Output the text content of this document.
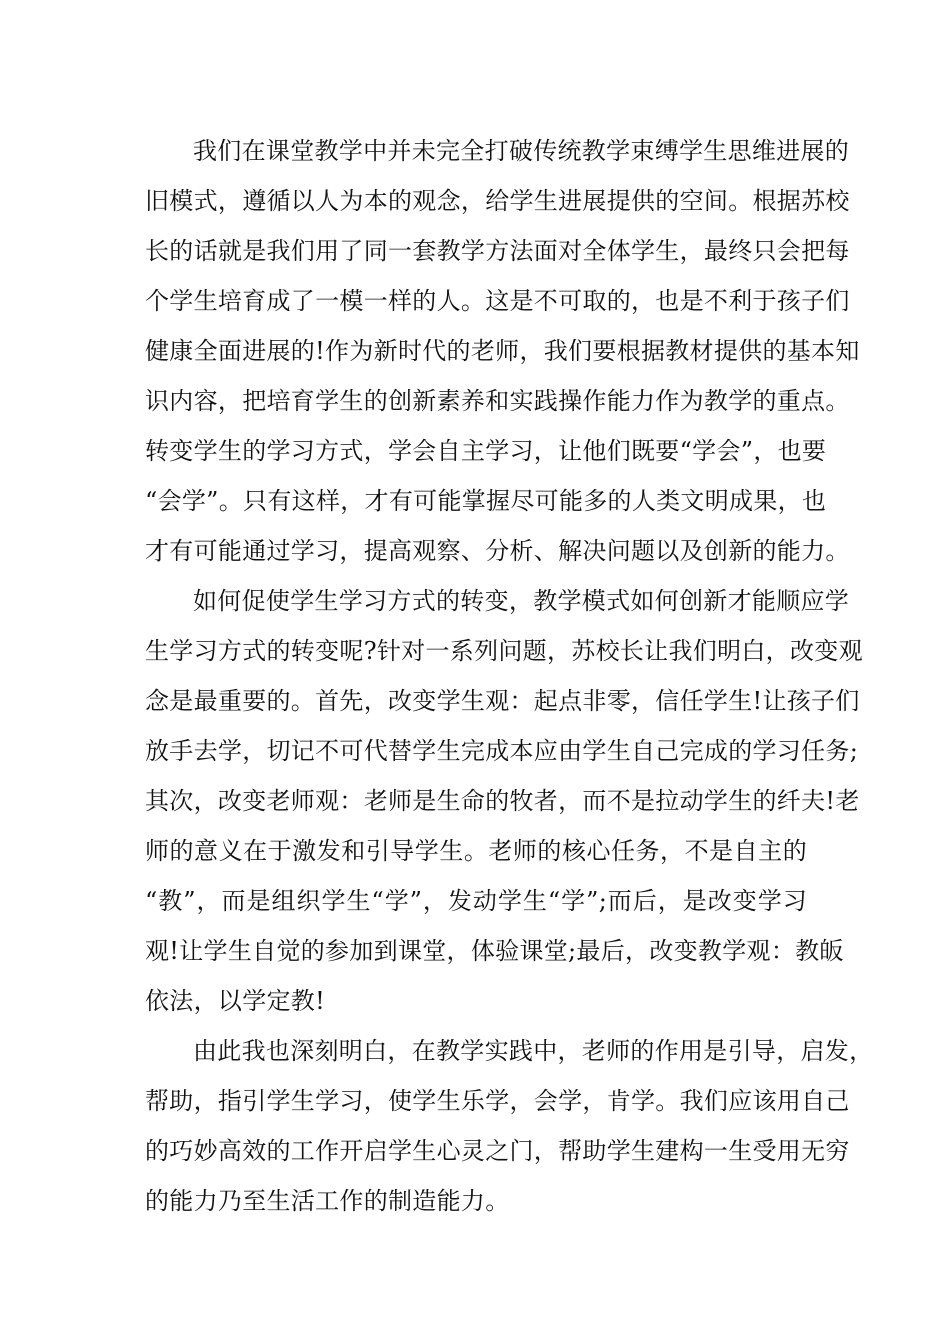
我们在课堂教学中并未完全打破传统教学束缚学生思维进展的
旧模式，遵循以人为本的观念，给学生进展提供的空间。根据苏校
长的话就是我们用了同一套教学方法面对全体学生，最终只会把每
个学生培育成了一模一样的人。这是不可取的，也是不利于孩子们
健康全面进展的!作为新时代的老师，我们要根据教材提供的基本知
识内容，把培育学生的创新素养和实践操作能力作为教学的重点。
转变学生的学习方式，学会自主学习，让他们既要“学会”，也要
“会学”。只有这样，才有可能掌握尽可能多的人类文明成果，也
才有可能通过学习，提高观察、分析、解决问题以及创新的能力。
如何促使学生学习方式的转变，教学模式如何创新才能顺应学
生学习方式的转变呢?针对一系列问题，苏校长让我们明白，改变观
念是最重要的。首先，改变学生观：起点非零，信任学生!让孩子们
放手去学，切记不可代替学生完成本应由学生自己完成的学习任务;
其次，改变老师观：老师是生命的牧者，而不是拉动学生的纤夫!老
师的意义在于激发和引导学生。老师的核心任务，不是自主的
“教”，而是组织学生“学”，发动学生“学”;而后，是改变学习
观!让学生自觉的参加到课堂，体验课堂;最后，改变教学观：教皈
依法，以学定教!
由此我也深刻明白，在教学实践中，老师的作用是引导，启发，
帮助，指引学生学习，使学生乐学，会学，肯学。我们应该用自己
的巧妙高效的工作开启学生心灵之门，帮助学生建构一生受用无穷
的能力乃至生活工作的制造能力。
